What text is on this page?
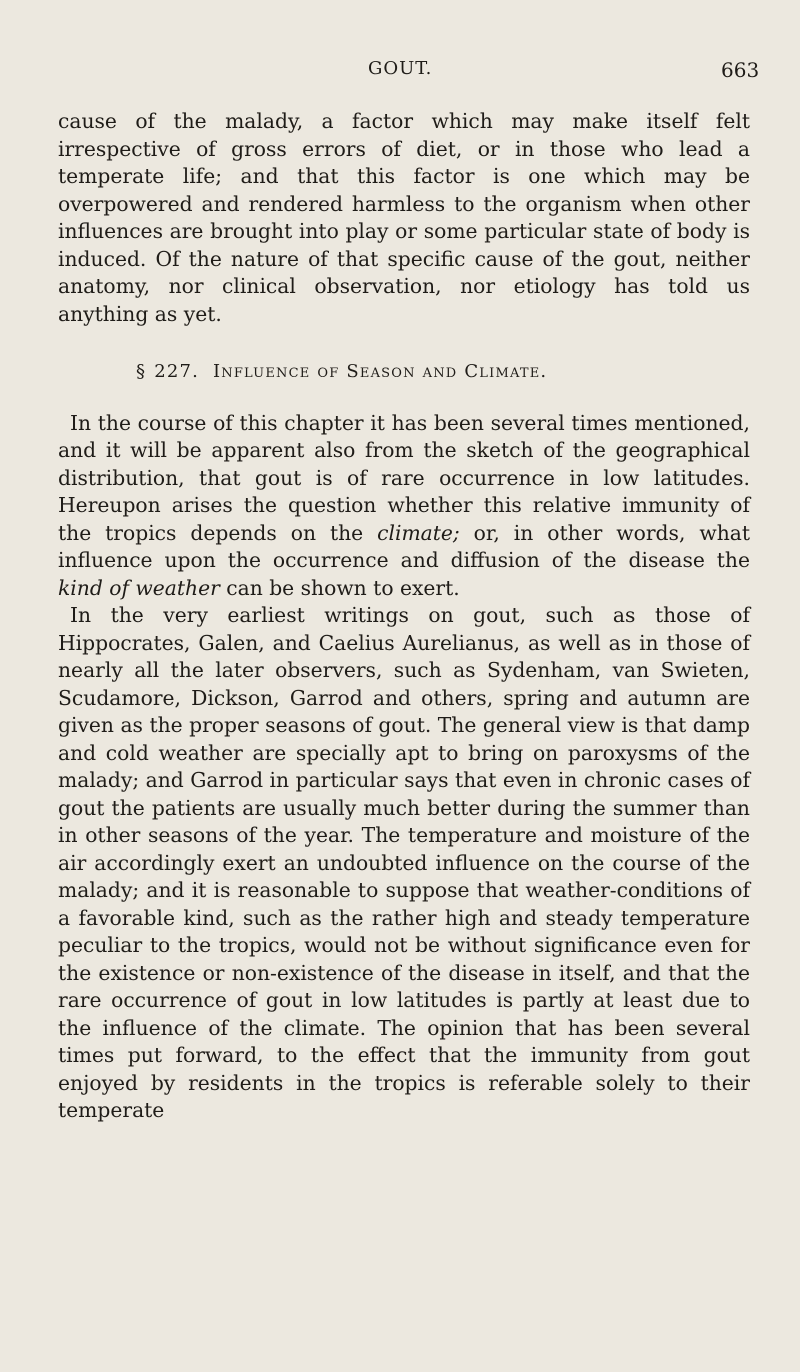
GOUT.	663

cause of the malady, a factor which may make itself felt irrespective of gross errors of diet, or in those who lead a temperate life; and that this factor is one which may be overpowered and rendered harmless to the organism when other influences are brought into play or some particular state of body is induced. Of the nature of that specific cause of the gout, neither anatomy, nor clinical observation, nor etiology has told us anything as yet.

§ 227. Influence of Season and Climate.

In the course of this chapter it has been several times mentioned, and it will be apparent also from the sketch of the geographical distribution, that gout is of rare occurrence in low latitudes. Hereupon arises the question whether this relative immunity of the tropics depends on the climate; or, in other words, what influence upon the occurrence and diffusion of the disease the kind of weather can be shown to exert.

In the very earliest writings on gout, such as those of Hippocrates, Galen, and Caelius Aurelianus, as well as in those of nearly all the later observers, such as Sydenham, van Swieten, Scudamore, Dickson, Garrod and others, spring and autumn are given as the proper seasons of gout. The general view is that damp and cold weather are specially apt to bring on paroxysms of the malady; and Garrod in particular says that even in chronic cases of gout the patients are usually much better during the summer than in other seasons of the year. The temperature and moisture of the air accordingly exert an undoubted influence on the course of the malady; and it is reasonable to suppose that weather-conditions of a favorable kind, such as the rather high and steady temperature peculiar to the tropics, would not be without significance even for the existence or non-existence of the disease in itself, and that the rare occurrence of gout in low latitudes is partly at least due to the influence of the climate. The opinion that has been several times put forward, to the effect that the immunity from gout enjoyed by residents in the tropics is referable solely to their temperate
